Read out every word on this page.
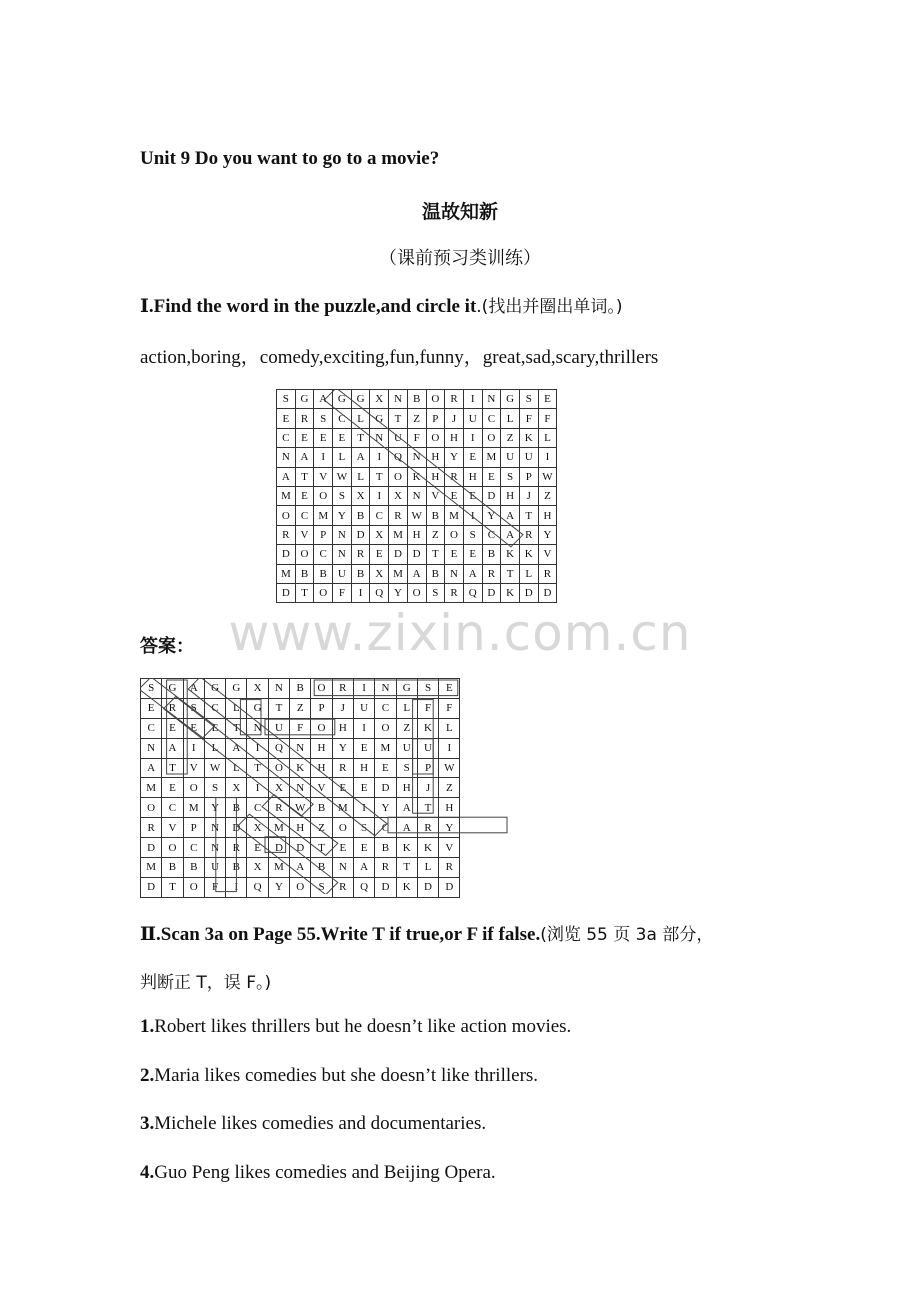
Unit 9 Do you want to go to a movie?
温故知新
（课前预习类训练）
Ⅰ.Find the word in the puzzle,and circle it.(找出并圈出单词。)
action,boring，comedy,exciting,fun,funny，great,sad,scary,thrillers
S	G	A	G	G	X	N	B	O	R	I	N	G	S	E
E	R	S	C	L	G	T	Z	P	J	U	C	L	F	F
C	E	E	E	T	N	U	F	O	H	I	O	Z	K	L
N	A	I	L	A	I	Q	N	H	Y	E	M	U	U	I
A	T	V	W	L	T	O	K	H	R	H	E	S	P	W
M	E	O	S	X	I	X	N	V	E	E	D	H	J	Z
O	C	M	Y	B	C	R	W	B	M	I	Y	A	T	H
R	V	P	N	D	X	M	H	Z	O	S	C	A	R	Y
D	O	C	N	R	E	D	D	T	E	E	B	K	K	V
M	B	B	U	B	X	M	A	B	N	A	R	T	L	R
D	T	O	F	I	Q	Y	O	S	R	Q	D	K	D	D
www.zixin.com.cn
答案：
S	G	A	G	G	X	N	B	O	R	I	N	G	S	E
E	R	S	C	L	G	T	Z	P	J	U	C	L	F	F
C	E	E	E	T	N	U	F	O	H	I	O	Z	K	L
N	A	I	L	A	I	Q	N	H	Y	E	M	U	U	I
A	T	V	W	L	T	O	K	H	R	H	E	S	P	W
M	E	O	S	X	I	X	N	V	E	E	D	H	J	Z
O	C	M	Y	B	C	R	W	B	M	I	Y	A	T	H
R	V	P	N	D	X	M	H	Z	O	S	C	A	R	Y
D	O	C	N	R	E	D	D	T	E	E	B	K	K	V
M	B	B	U	B	X	M	A	B	N	A	R	T	L	R
D	T	O	F	I	Q	Y	O	S	R	Q	D	K	D	D
Ⅱ.Scan 3a on Page 55.Write T if true,or F if false.(浏览 55 页 3a 部分，
判断正 T，误 F。)
1.Robert likes thrillers but he doesn’t like action movies.
2.Maria likes comedies but she doesn’t like thrillers.
3.Michele likes comedies and documentaries.
4.Guo Peng likes comedies and Beijing Opera.
